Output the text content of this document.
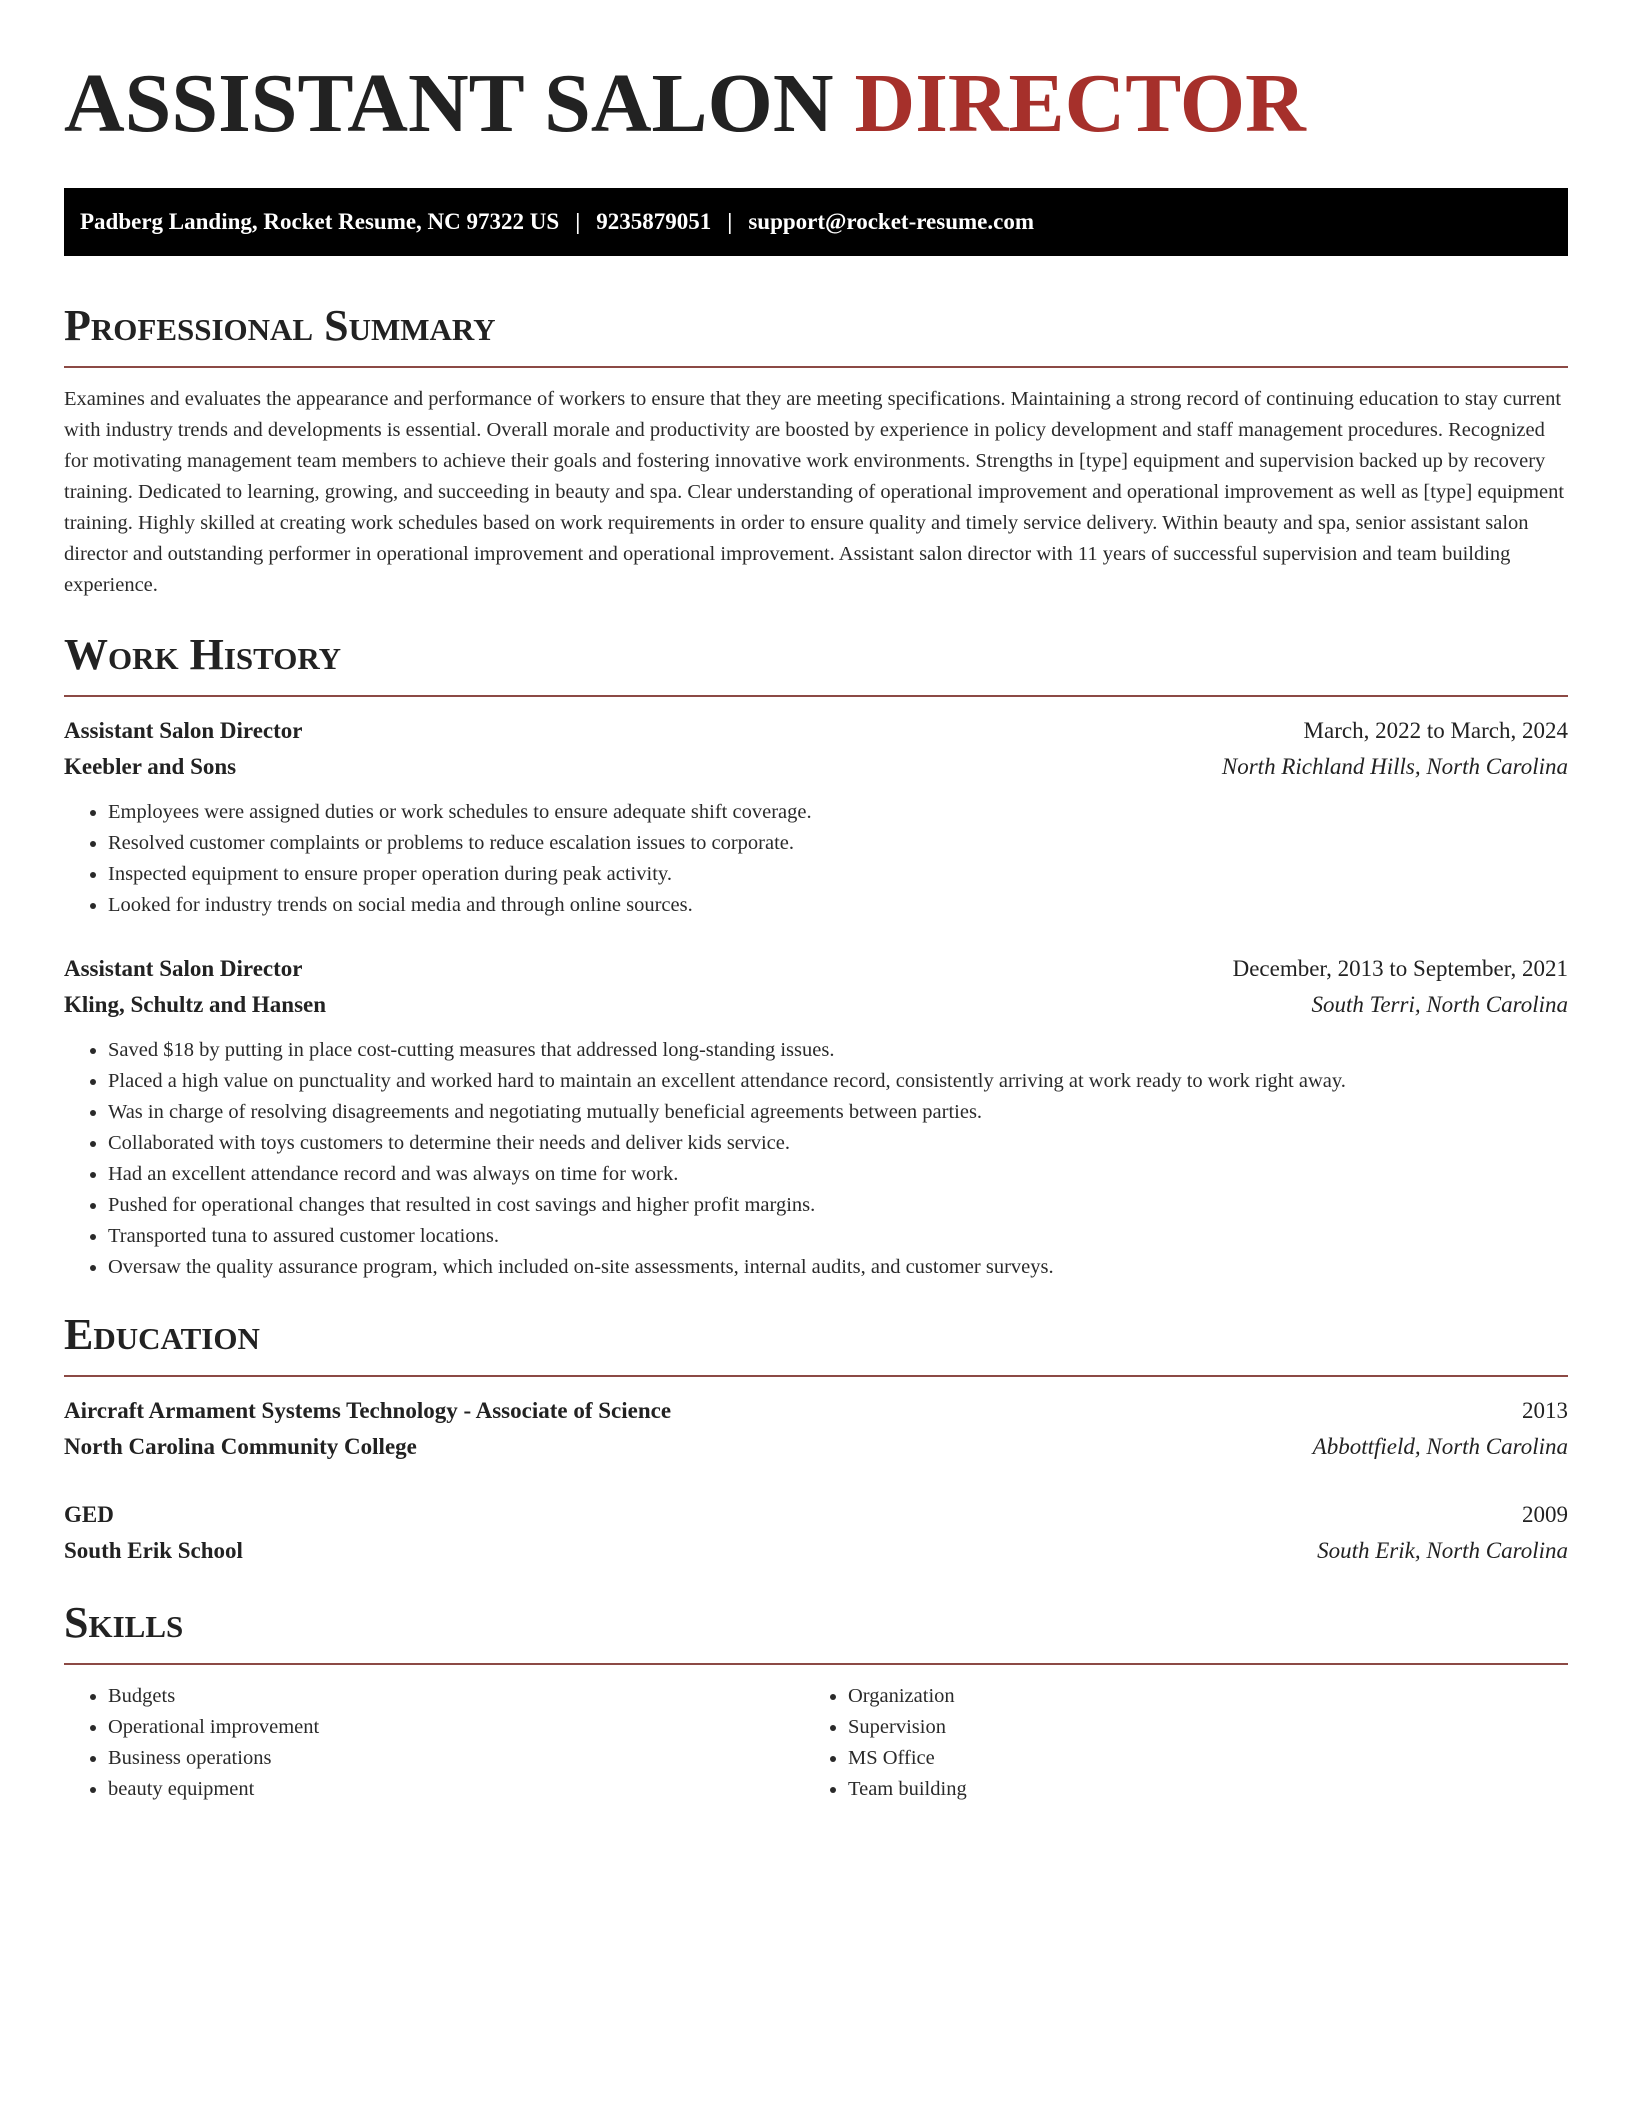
ASSISTANT SALON DIRECTOR
Padberg Landing, Rocket Resume, NC 97322 US | 9235879051 | support@rocket-resume.com
Professional Summary

Examines and evaluates the appearance and performance of workers to ensure that they are meeting specifications. Maintaining a strong record of continuing education to stay current with industry trends and developments is essential. Overall morale and productivity are boosted by experience in policy development and staff management procedures. Recognized for motivating management team members to achieve their goals and fostering innovative work environments. Strengths in [type] equipment and supervision backed up by recovery training. Dedicated to learning, growing, and succeeding in beauty and spa. Clear understanding of operational improvement and operational improvement as well as [type] equipment training. Highly skilled at creating work schedules based on work requirements in order to ensure quality and timely service delivery. Within beauty and spa, senior assistant salon director and outstanding performer in operational improvement and operational improvement. Assistant salon director with 11 years of successful supervision and team building experience.

Work History
Assistant Salon Director	March, 2022 to March, 2024
Keebler and Sons	North Richland Hills, North Carolina
• Employees were assigned duties or work schedules to ensure adequate shift coverage.
• Resolved customer complaints or problems to reduce escalation issues to corporate.
• Inspected equipment to ensure proper operation during peak activity.
• Looked for industry trends on social media and through online sources.
Assistant Salon Director	December, 2013 to September, 2021
Kling, Schultz and Hansen	South Terri, North Carolina
• Saved $18 by putting in place cost-cutting measures that addressed long-standing issues.
• Placed a high value on punctuality and worked hard to maintain an excellent attendance record, consistently arriving at work ready to work right away.
• Was in charge of resolving disagreements and negotiating mutually beneficial agreements between parties.
• Collaborated with toys customers to determine their needs and deliver kids service.
• Had an excellent attendance record and was always on time for work.
• Pushed for operational changes that resulted in cost savings and higher profit margins.
• Transported tuna to assured customer locations.
• Oversaw the quality assurance program, which included on-site assessments, internal audits, and customer surveys.
Education
Aircraft Armament Systems Technology - Associate of Science	2013
North Carolina Community College	Abbottfield, North Carolina
GED	2009
South Erik School	South Erik, North Carolina
Skills
• Budgets
• Operational improvement
• Business operations
• beauty equipment
• Organization
• Supervision
• MS Office
• Team building
